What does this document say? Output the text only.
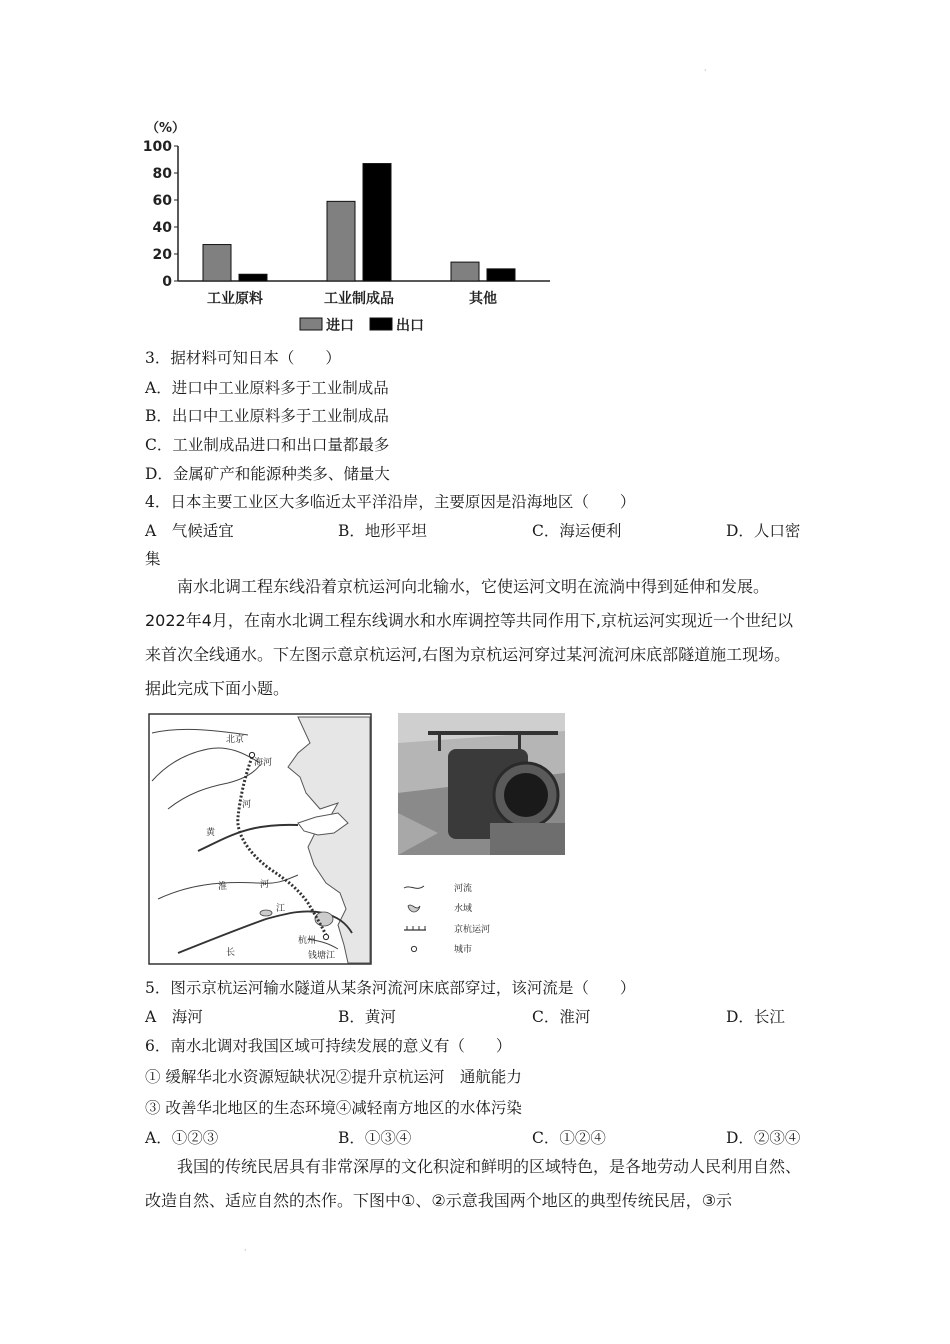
·
（%）
0
20
40
60
80
100
工业原料	工业制成品	其他
进口	出口
3．据材料可知日本（　　）
A．进口中工业原料多于工业制成品
B．出口中工业原料多于工业制成品
C．工业制成品进口和出口量都最多
D．金属矿产和能源种类多、储量大
4．日本主要工业区大多临近太平洋沿岸，主要原因是沿海地区（　　）
A　气候适宜	B．地形平坦	C．海运便利	D．人口密
集
南水北调工程东线沿着京杭运河向北输水，它使运河文明在流淌中得到延伸和发展。2022年4月，在南水北调工程东线调水和水库调控等共同作用下,京杭运河实现近一个世纪以来首次全线通水。下左图示意京杭运河,右图为京杭运河穿过某河流河床底部隧道施工现场。据此完成下面小题。
北京
海河
河
黄
淮	河
江
长
杭州
钱塘江
河流
水域
京杭运河
城市
5．图示京杭运河输水隧道从某条河流河床底部穿过，该河流是（　　）
A　海河	B．黄河	C．淮河	D．长江
6．南水北调对我国区域可持续发展的意义有（　　）
① 缓解华北水资源短缺状况②提升京杭运河　通航能力
③ 改善华北地区的生态环境④减轻南方地区的水体污染
A．①②③	B．①③④	C．①②④	D．②③④
我国的传统民居具有非常深厚的文化积淀和鲜明的区域特色，是各地劳动人民利用自然、改造自然、适应自然的杰作。下图中①、②示意我国两个地区的典型传统民居，③示
·
